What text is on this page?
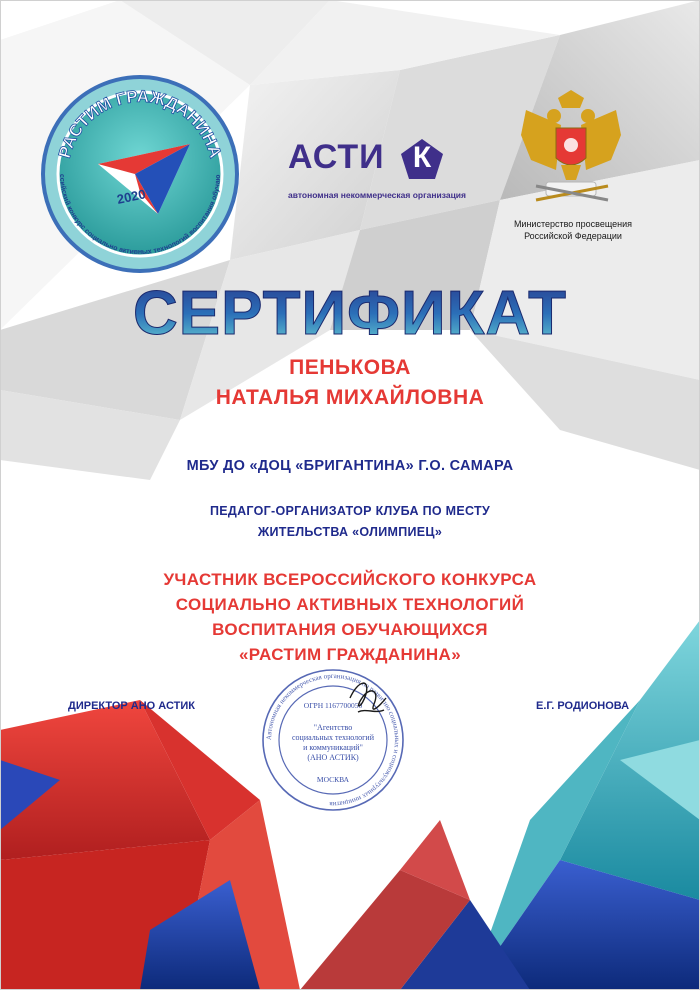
РАСТИМ ГРАЖДАНИНА
ссийский конкурс социально активных технологий воспитания обучаю
2020
АСТИ К
автономная некоммерческая организация
Министерство просвещения
Российской Федерации
СЕРТИФИКАТ
ПЕНЬКОВА
НАТАЛЬЯ МИХАЙЛОВНА
МБУ ДО «ДОЦ «БРИГАНТИНА» Г.О. САМАРА
ПЕДАГОГ-ОРГАНИЗАТОР КЛУБА ПО МЕСТУ
ЖИТЕЛЬСТВА «ОЛИМПИЕЦ»
УЧАСТНИК ВСЕРОССИЙСКОГО КОНКУРСА
СОЦИАЛЬНО АКТИВНЫХ ТЕХНОЛОГИЙ
ВОСПИТАНИЯ ОБУЧАЮЩИХСЯ
«РАСТИМ ГРАЖДАНИНА»
ДИРЕКТОР АНО АСТИК	Е.Г. РОДИОНОВА
Автономная некоммерческая организация по развитию социальных и социокультурных инициатив
ОГРН 1167700050
"Агентство
социальных технологий
и коммуникаций"
(АНО АСТИК)
МОСКВА
